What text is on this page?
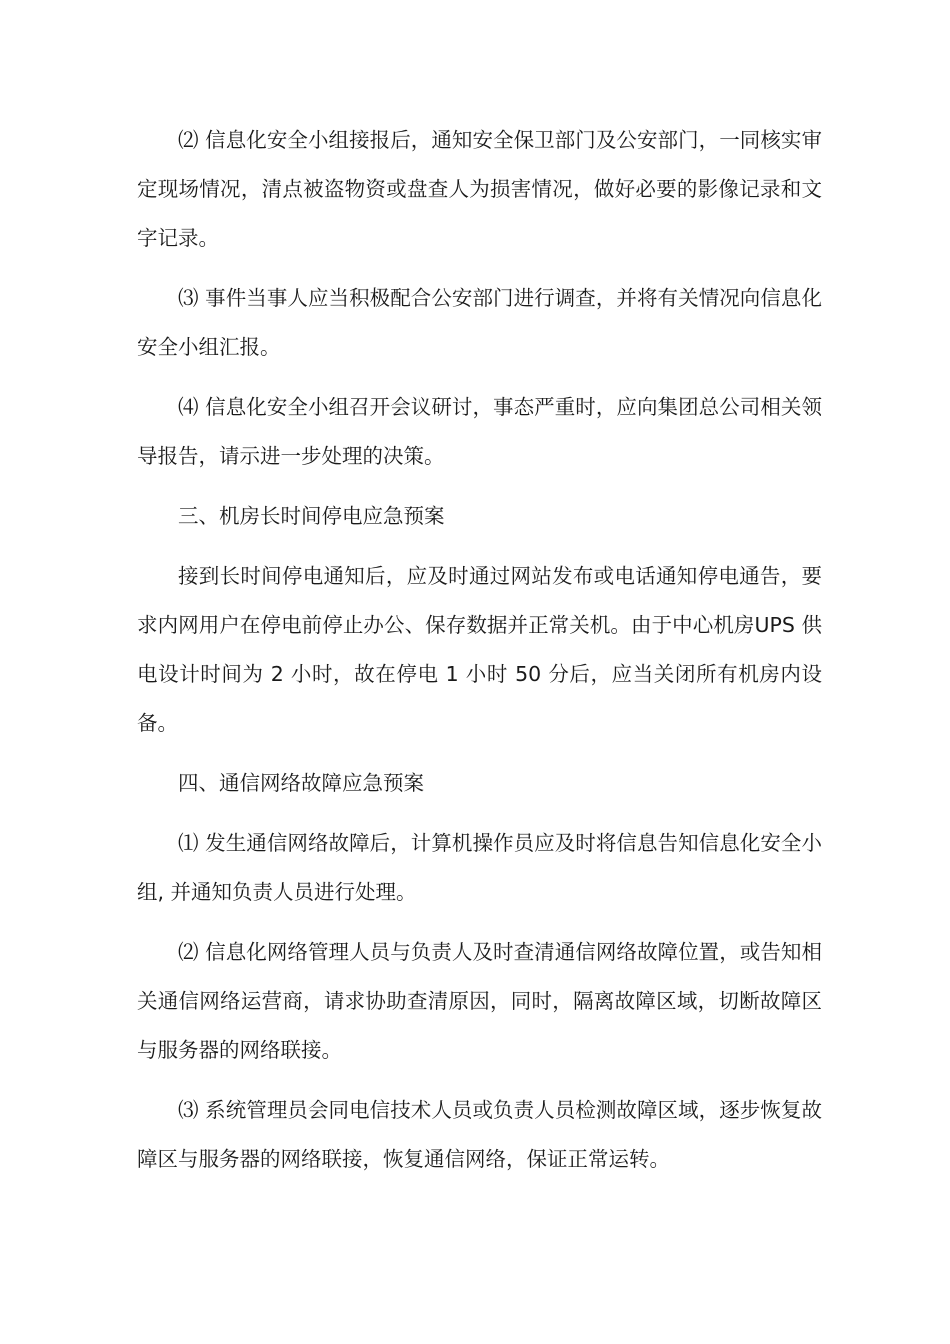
⑵ 信息化安全小组接报后，通知安全保卫部门及公安部门，一同核实审定现场情况，清点被盗物资或盘查人为损害情况，做好必要的影像记录和文字记录。

⑶ 事件当事人应当积极配合公安部门进行调查，并将有关情况向信息化安全小组汇报。

⑷ 信息化安全小组召开会议研讨，事态严重时，应向集团总公司相关领导报告，请示进一步处理的决策。

三、机房长时间停电应急预案

接到长时间停电通知后，应及时通过网站发布或电话通知停电通告，要求内网用户在停电前停止办公、保存数据并正常关机。由于中心机房UPS 供电设计时间为 2 小时，故在停电 1 小时 50 分后，应当关闭所有机房内设备。

四、通信网络故障应急预案

⑴ 发生通信网络故障后，计算机操作员应及时将信息告知信息化安全小组, 并通知负责人员进行处理。

⑵ 信息化网络管理人员与负责人及时查清通信网络故障位置，或告知相关通信网络运营商，请求协助查清原因，同时，隔离故障区域，切断故障区与服务器的网络联接。

⑶ 系统管理员会同电信技术人员或负责人员检测故障区域，逐步恢复故障区与服务器的网络联接，恢复通信网络，保证正常运转。
